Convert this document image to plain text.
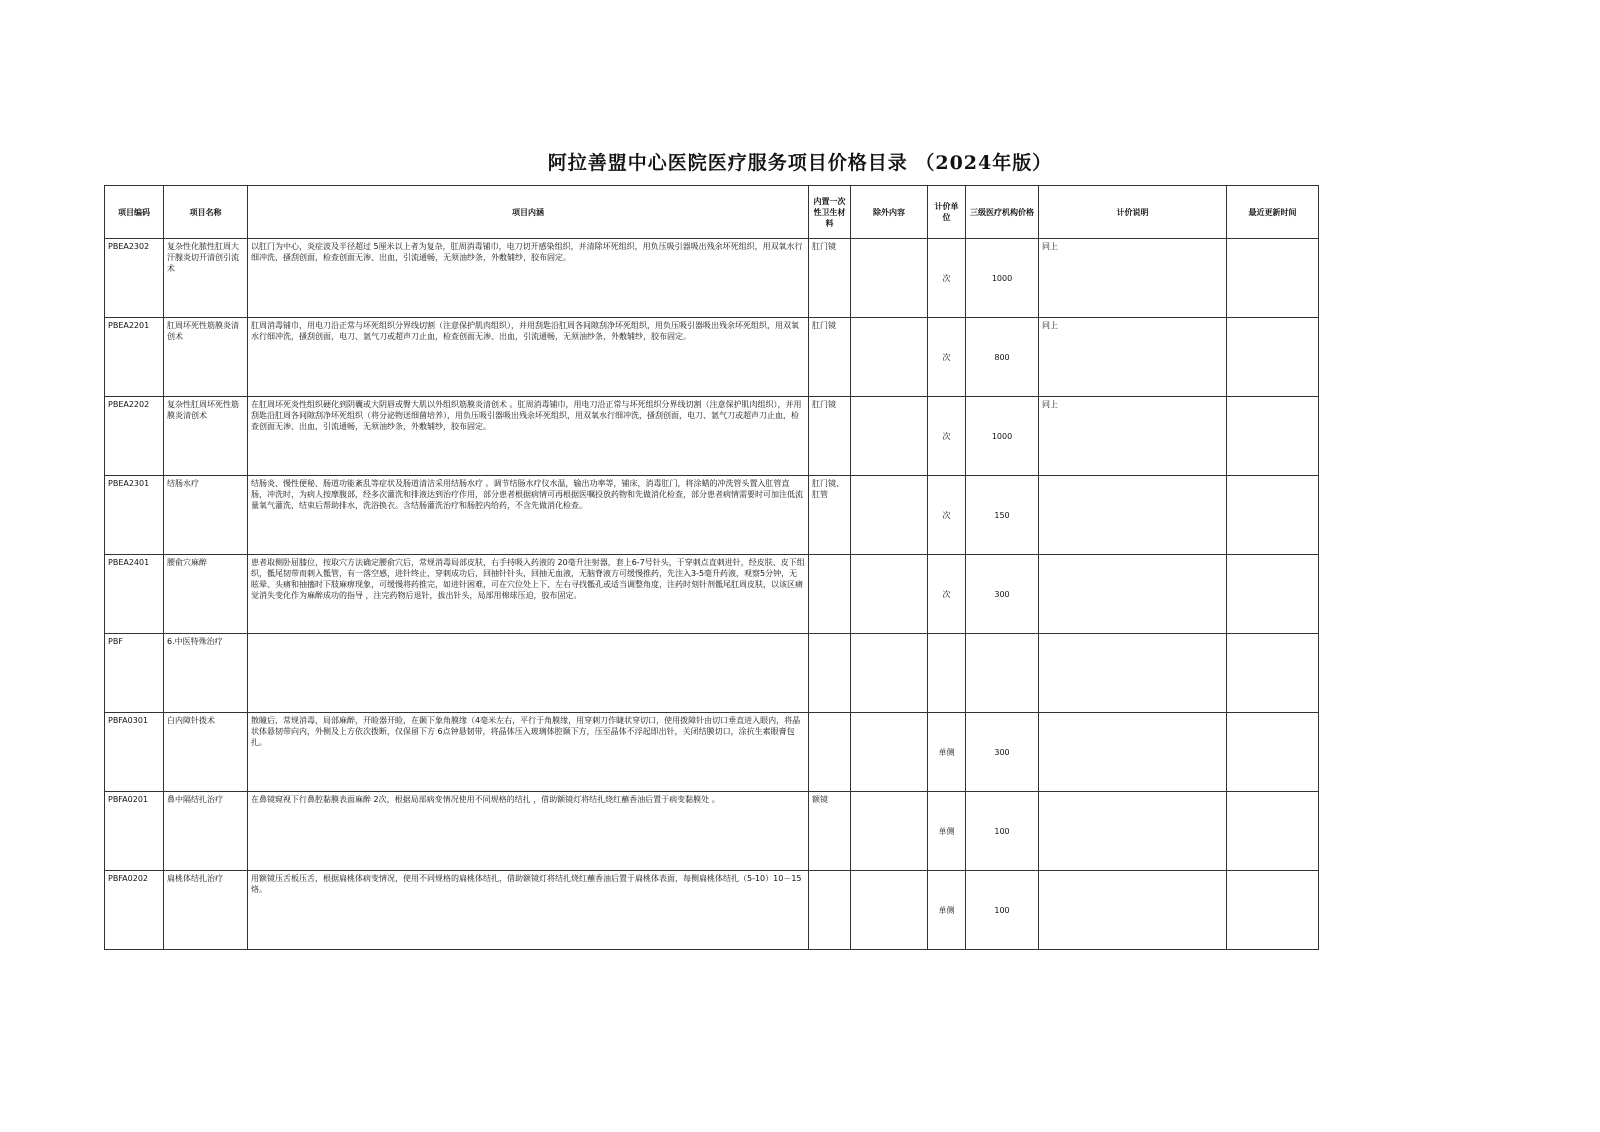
阿拉善盟中心医院医疗服务项目价格目录 （2024年版）
项目编码	项目名称	项目内涵	内置一次性卫生材料	除外内容	计价单位	三级医疗机构价格	计价说明	最近更新时间
PBEA2302	复杂性化脓性肛周大汗腺炎切开清创引流术	以肛门为中心，炎症波及半径超过 5厘米以上者为复杂，肛周消毒铺巾，电刀切开感染组织，并清除坏死组织，用负压吸引器吸出残余坏死组织，用双氧水行细冲洗，搔刮创面，检查创面无渗、出血，引流通畅，无须油纱条，外敷辅纱，胶布固定。	肛门镜		次	1000	同上	
PBEA2201	肛周坏死性筋膜炎清创术	肛周消毒铺巾，用电刀沿正常与坏死组织分界线切割（注意保护肌肉组织），并用刮匙沿肛周各间隙刮净坏死组织，用负压吸引器吸出残余坏死组织，用双氧水行细冲洗，搔刮创面，电刀、氩气刀或超声刀止血，检查创面无渗、出血，引流通畅，无须油纱条，外敷辅纱，胶布固定。	肛门镜		次	800	同上	
PBEA2202	复杂性肛周坏死性筋膜炎清创术	在肛周坏死炎性组织硬化到阴囊或大阴唇或臀大肌以外组织筋膜炎清创术 。肛周消毒铺巾，用电刀沿正常与坏死组织分界线切割（注意保护肌肉组织），并用刮匙沿肛周各间隙刮净坏死组织（将分泌物送细菌培养），用负压吸引器吸出残余坏死组织，用双氧水行细冲洗，搔刮创面，电刀、氩气刀或超声刀止血，检查创面无渗、出血，引流通畅，无须油纱条，外敷辅纱，胶布固定。	肛门镜		次	1000	同上	
PBEA2301	结肠水疗	结肠炎、慢性便秘、肠道功能紊乱等症状及肠道清洁采用结肠水疗 。调节结肠水疗仪水温，输出功率等，铺床，消毒肛门，将涂蜡的冲洗管头置入肛管直肠，冲洗时，为病人按摩腹部，经多次灌洗和排液达到治疗作用，部分患者根据病情可再根据医嘱投放药物和先做消化检查，部分患者病情需要时可加注低流量氧气灌洗，结束后帮助排水，洗浴换衣。含结肠灌洗治疗和肠腔内给药，不含先做消化检查。	肛门镜、肛管		次	150		
PBEA2401	腰俞穴麻醉	患者取侧卧屈膝位，按取穴方法确定腰俞穴后，常规消毒局部皮肤，右手持吸入药液的 20毫升注射器，套上6-7号针头，于穿刺点直刺进针，经皮肤、皮下组织，骶尾韧带而刺入骶管，有一落空感，进针终止，穿刺成功后，回抽针针头，回抽无血液，无脑脊液方可缓慢推药，先注入3-5毫升药液，观察5分钟，无眩晕、头痛和抽搐时下肢麻痹现象，可缓慢将药推完，如进针困难，可在穴位处上下、左右寻找骶孔或适当调整角度，注药时刻针剂骶尾肛周皮肤，以该区痛觉消失变化作为麻醉成功的指导 ，注完药物后退针，拔出针头，局部用棉球压迫，胶布固定。			次	300		
PBF	6.中医特殊治疗							
PBFA0301	白内障针拨术	散瞳后，常规消毒，局部麻醉，开睑器开睑，在颞下象角膜缘（4毫米左右，平行于角膜缘，用穿刺刀作睫状穿切口，使用拨障针由切口垂直进入眼内，将晶状体悬韧带向内，外侧及上方依次拨断，仅保留下方 6点钟悬韧带，将晶体压入玻璃体腔颞下方，压至晶体不浮起即出针，关闭结膜切口，涂抗生素眼膏包扎。			单侧	300		
PBFA0201	鼻中隔结扎治疗	在鼻镜窥视下行鼻腔黏膜表面麻醉 2次，根据局部病变情况使用不同规格的结扎 ，借助额镜灯将结扎烧红蘸香油后置于病变黏膜处 。	额镜		单侧	100		
PBFA0202	扁桃体结扎治疗	用额镜压舌板压舌，根据扁桃体病变情况，使用不同规格的扁桃体结扎，借助额镜灯将结扎烧红蘸香油后置于扁桃体表面，每侧扁桃体结扎（5-10）10－15烙。			单侧	100		
